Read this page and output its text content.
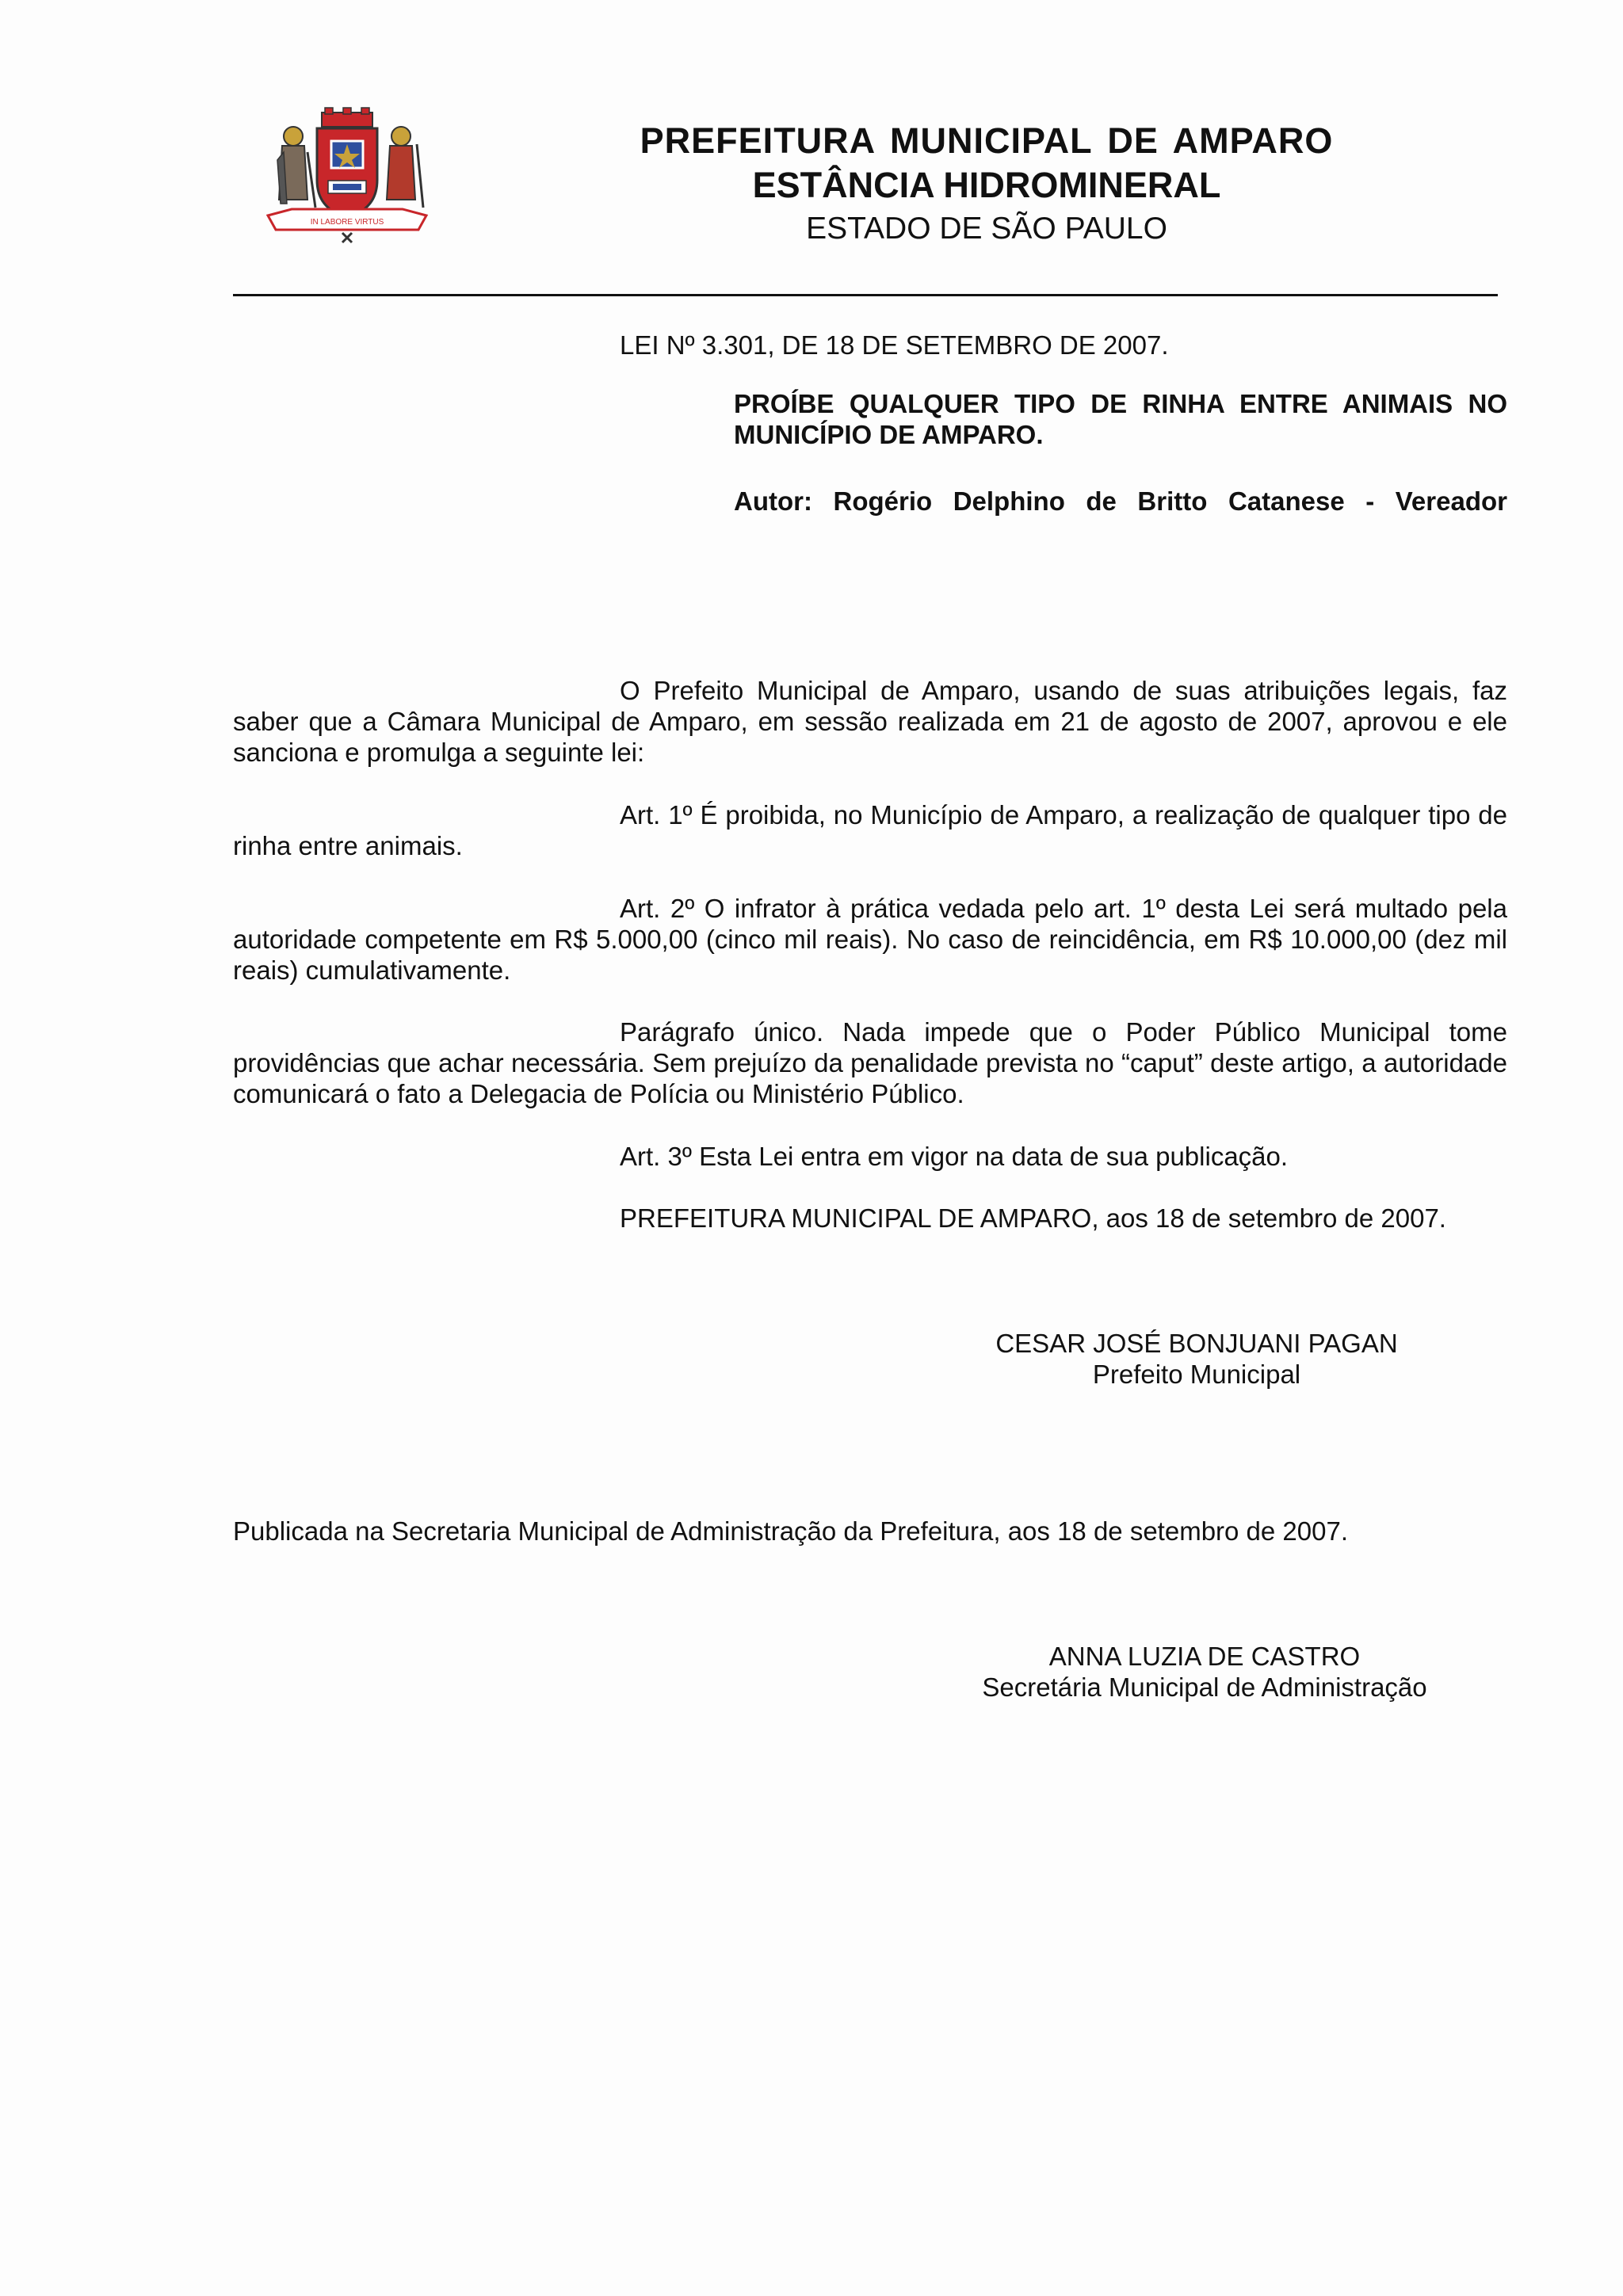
IN LABORE VIRTUS
PREFEITURA MUNICIPAL DE AMPARO
ESTÂNCIA HIDROMINERAL
ESTADO DE SÃO PAULO
LEI Nº 3.301, DE 18 DE SETEMBRO DE 2007.
PROÍBE QUALQUER TIPO DE RINHA ENTRE ANIMAIS NO MUNICÍPIO DE AMPARO.
Autor: Rogério Delphino de Britto Catanese - Vereador
O Prefeito Municipal de Amparo, usando de suas atribuições legais, faz saber que a Câmara Municipal de Amparo, em sessão realizada em 21 de agosto de 2007, aprovou e ele sanciona e promulga a seguinte lei:
Art. 1º É proibida, no Município de Amparo, a realização de qualquer tipo de rinha entre animais.
Art. 2º O infrator à prática vedada pelo art. 1º desta Lei será multado pela autoridade competente em R$ 5.000,00 (cinco mil reais). No caso de reincidência, em R$ 10.000,00 (dez mil reais) cumulativamente.
Parágrafo único. Nada impede que o Poder Público Municipal tome providências que achar necessária. Sem prejuízo da penalidade prevista no “caput” deste artigo, a autoridade comunicará o fato a Delegacia de Polícia ou Ministério Público.
Art. 3º Esta Lei entra em vigor na data de sua publicação.
PREFEITURA MUNICIPAL DE AMPARO, aos 18 de setembro de 2007.
CESAR JOSÉ BONJUANI PAGAN
Prefeito Municipal
Publicada na Secretaria Municipal de Administração da Prefeitura, aos 18 de setembro de 2007.
ANNA LUZIA DE CASTRO
Secretária Municipal de Administração
